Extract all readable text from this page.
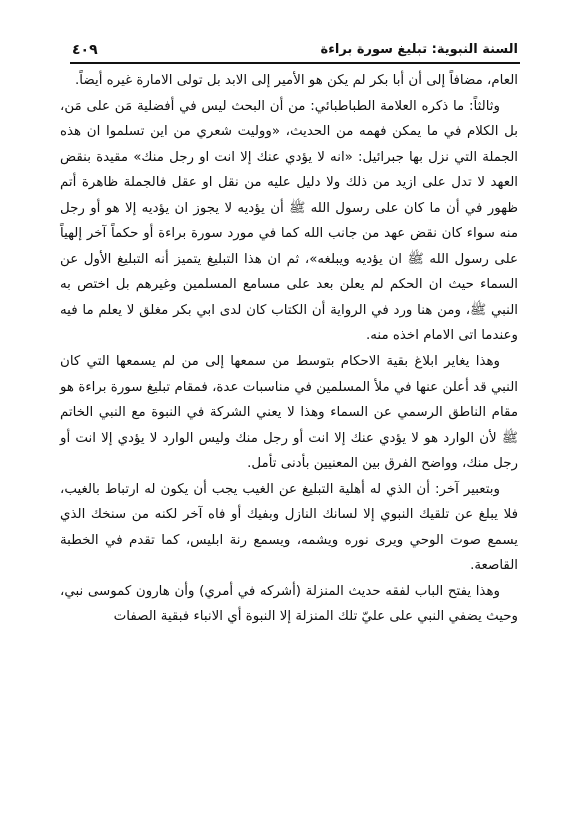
السنة النبوية: تبليغ سورة براءة
٤٠٩

العام، مضافاً إلى أن أبا بكر لم يكن هو الأمير إلى الابد بل تولى الامارة غيره أيضاً.

وثالثاً: ما ذكره العلامة الطباطبائي: من أن البحث ليس في أفضلية مَن على مَن، بل الكلام في ما يمكن فهمه من الحديث، «ووليت شعري من اين تسلموا ان هذه الجملة التي نزل بها جبرائيل: «انه لا يؤدي عنك إلا انت او رجل منك» مقيدة بنقض العهد لا تدل على ازيد من ذلك ولا دليل عليه من نقل او عقل فالجملة ظاهرة أتم ظهور في أن ما كان على رسول الله ﷺ أن يؤديه لا يجوز ان يؤديه إلا هو أو رجل منه سواء كان نقض عهد من جانب الله كما في مورد سورة براءة أو حكماً آخر إلهياً على رسول الله ﷺ ان يؤديه ويبلغه»، ثم ان هذا التبليغ يتميز أنه التبليغ الأول عن السماء حيث ان الحكم لم يعلن بعد على مسامع المسلمين وغيرهم بل اختص به النبي ﷺ، ومن هنا ورد في الرواية أن الكتاب كان لدى ابي بكر مغلق لا يعلم ما فيه وعندما اتى الامام اخذه منه.

وهذا يغاير ابلاغ بقية الاحكام بتوسط من سمعها إلى من لم يسمعها التي كان النبي قد أعلن عنها في ملأ المسلمين في مناسبات عدة، فمقام تبليغ سورة براءة هو مقام الناطق الرسمي عن السماء وهذا لا يعني الشركة في النبوة مع النبي الخاتم ﷺ لأن الوارد هو لا يؤدي عنك إلا انت أو رجل منك وليس الوارد لا يؤدي إلا انت أو رجل منك، وواضح الفرق بين المعنيين بأدنى تأمل.

وبتعبير آخر: أن الذي له أهلية التبليغ عن الغيب يجب أن يكون له ارتباط بالغيب، فلا يبلغ عن تلقيك النبوي إلا لسانك النازل وبفيك أو فاه آخر لكنه من سنخك الذي يسمع صوت الوحي ويرى نوره ويشمه، ويسمع رنة ابليس، كما تقدم في الخطبة القاصعة.

وهذا يفتح الباب لفقه حديث المنزلة (أشركه في أمري) وأن هارون كموسى نبي، وحيث يضفي النبي على عليّ تلك المنزلة إلا النبوة أي الانباء فبقية الصفات
